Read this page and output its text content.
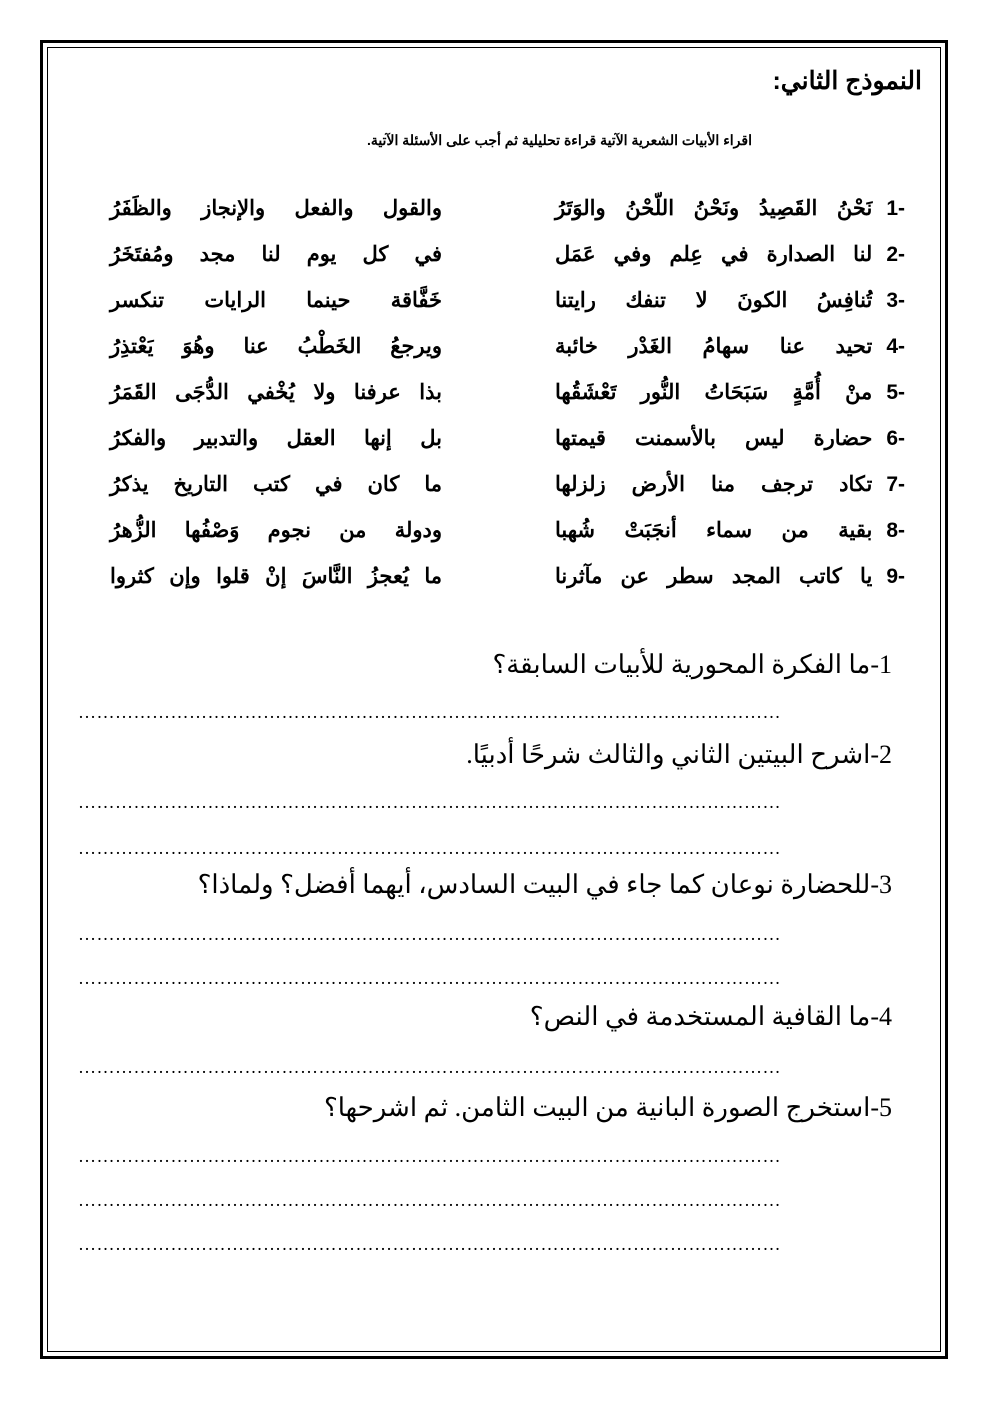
النموذج الثاني:
اقراء الأبيات الشعرية الآتية قراءة تحليلية ثم أجب على الأسئلة الآتية.
-1نَحْنُ القَصِيدُ ونَحْنُ اللّحْنُ والوَتَرُ
والقول والفعل والإنجاز والظَفَرُ
-2لنا الصدارة في عِلم وفي عَمَل
في كل يوم لنا مجد ومُفتَخَرُ
-3تُنافِسُ الكونَ لا تنفك رايتنا
خَفَّاقة حينما الرايات تنكسر
-4تحيد عنا سهامُ الغَدْر خائبة
ويرجعُ الخَطْبُ عنا وهُوَ يَعْتذِرُ
-5منْ أُمَّةٍ سَبَحَاتُ النُّور تَعْشَقُها
بذا عرفنا ولا يُخْفي الدُّجَى القَمَرُ
-6حضارة ليس بالأسمنت قيمتها
بل إنها العقل والتدبير والفكرُ
-7تكاد ترجف منا الأرض زلزلها
ما كان في كتب التاريخ يذكرُ
-8بقية من سماء أنجَبَتْ شُهبا
ودولة من نجوم وَصْفُها الزُّهرُ
-9يا كاتب المجد سطر عن مآثرنا
ما يُعجزُ النَّاسَ إنْ قلوا وإن كثروا
1-ما الفكرة المحورية للأبيات السابقة؟
……………………………………………………………………………………………………
2-اشرح البيتين الثاني والثالث شرحًا أدبيًا.
……………………………………………………………………………………………………
……………………………………………………………………………………………………
3-للحضارة نوعان كما جاء في البيت السادس، أيهما أفضل؟ ولماذا؟
……………………………………………………………………………………………………
……………………………………………………………………………………………………
4-ما القافية المستخدمة في النص؟
……………………………………………………………………………………………………
5-استخرج الصورة البانية من البيت الثامن. ثم اشرحها؟
……………………………………………………………………………………………………
……………………………………………………………………………………………………
……………………………………………………………………………………………………
